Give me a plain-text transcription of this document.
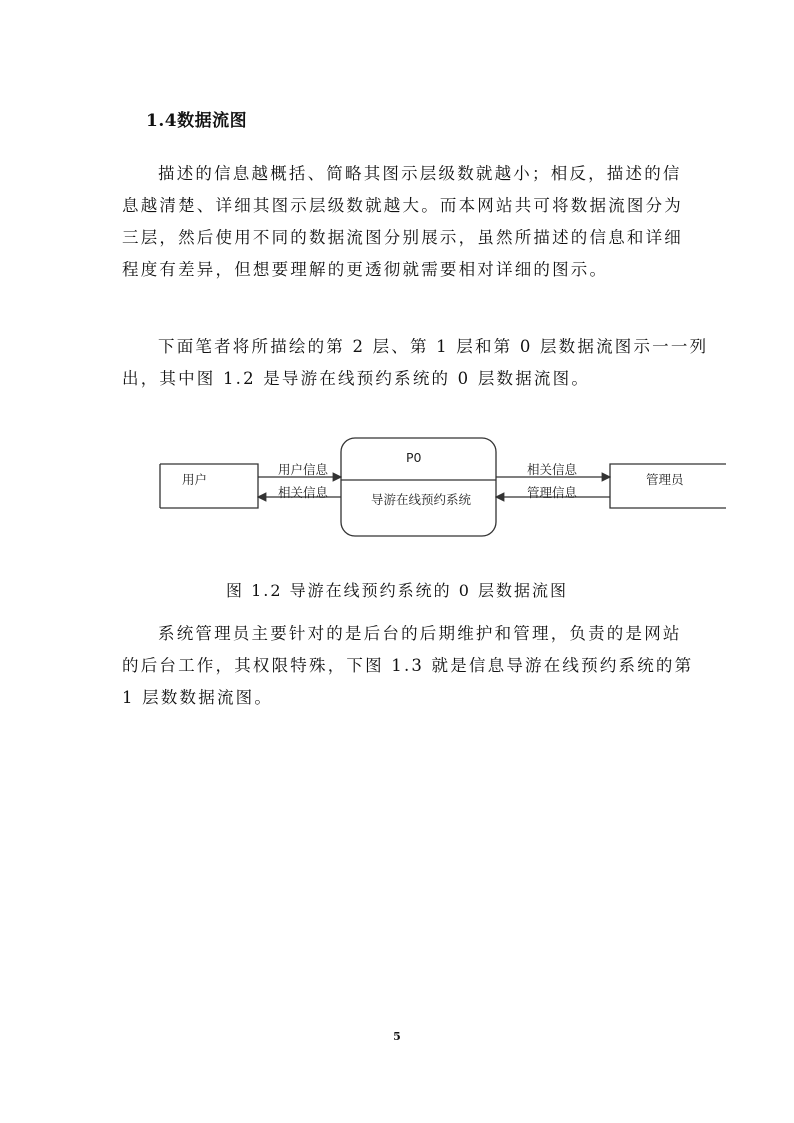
1.4数据流图
描述的信息越概括、简略其图示层级数就越小；相反，描述的信
息越清楚、详细其图示层级数就越大。而本网站共可将数据流图分为
三层，然后使用不同的数据流图分别展示，虽然所描述的信息和详细
程度有差异，但想要理解的更透彻就需要相对详细的图示。
下面笔者将所描绘的第 2 层、第 1 层和第 0 层数据流图示一一列
出，其中图 1.2 是导游在线预约系统的 0 层数据流图。
用户	管理员
P0
导游在线预约系统
用户信息
相关信息
相关信息
管理信息
图 1.2 导游在线预约系统的 0 层数据流图
系统管理员主要针对的是后台的后期维护和管理，负责的是网站
的后台工作，其权限特殊，下图 1.3 就是信息导游在线预约系统的第
1 层数数据流图。
5
